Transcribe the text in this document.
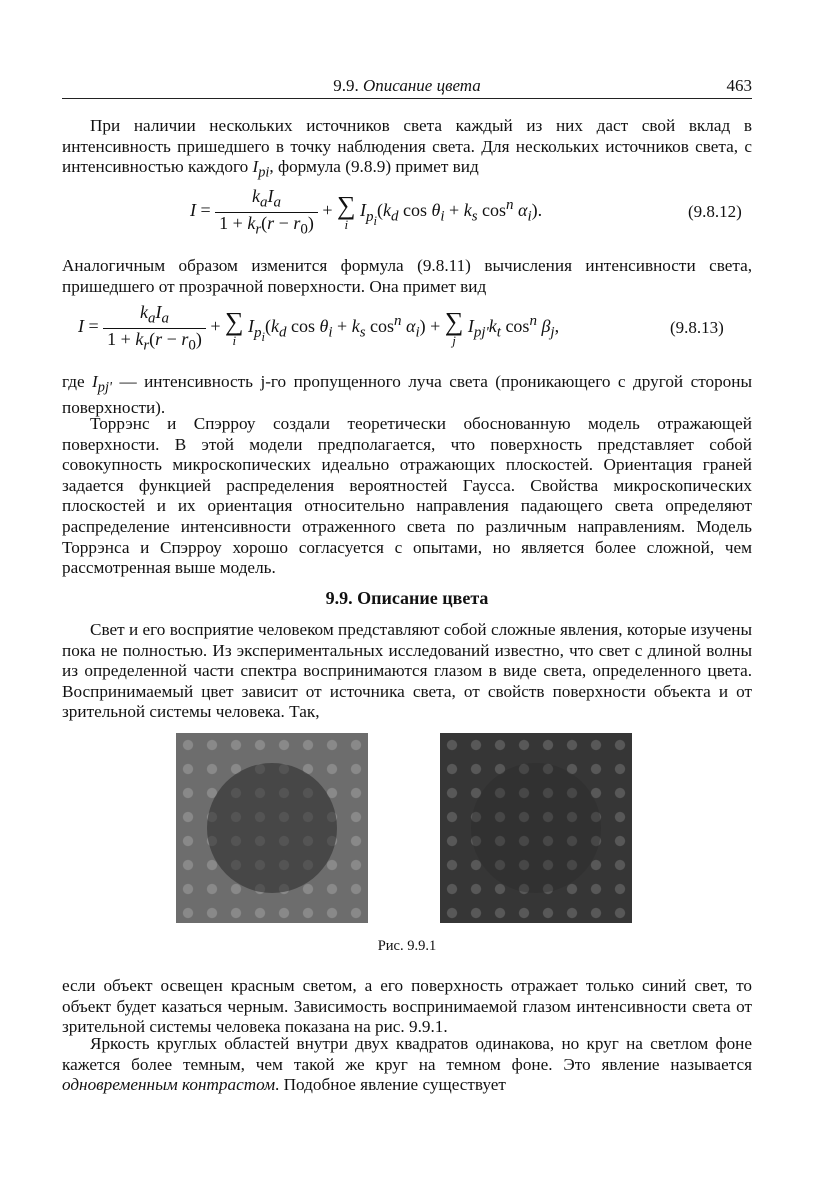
9.9. Описание цвета	463
При наличии нескольких источников света каждый из них даст свой вклад в интенсивность пришедшего в точку наблюдения света. Для нескольких источников света, с интенсивностью каждого $I_{pi}$, формула (9.8.9) примет вид
$I = \frac{k_aI_a}{1 + k_r(r - r_0)}$ + ∑
i
$I_{p_i}(k_d$ $\cos \theta_i + k_s$ $\cos^n \alpha_i$).	(9.8.12)
Аналогичным образом изменится формула (9.8.11) вычисления интенсивности света, пришедшего от прозрачной поверхности. Она примет вид
$I = \frac{k_aI_a}{1 + k_r(r - r_0)}$ + ∑
i
$I_{p_i}(k_d$ $\cos \theta_i + k_s$ $\cos^n \alpha_i$) + ∑
j
$I_{pj'}k_t$ $\cos^n \beta_j$,	(9.8.13)
где $I_{pj'}$ — интенсивность j-го пропущенного луча света (проникающего с другой стороны поверхности).
Торрэнс и Спэрроу создали теоретически обоснованную модель отражающей поверхности. В этой модели предполагается, что поверхность представляет собой совокупность микроскопических идеально отражающих плоскостей. Ориентация граней задается функцией распределения вероятностей Гаусса. Свойства микроскопических плоскостей и их ориентация относительно направления падающего света определяют распределение интенсивности отраженного света по различным направлениям. Модель Торрэнса и Спэрроу хорошо согласуется с опытами, но является более сложной, чем рассмотренная выше модель.
9.9. Описание цвета
Свет и его восприятие человеком представляют собой сложные явления, которые изучены пока не полностью. Из экспериментальных исследований известно, что свет с длиной волны из определенной части спектра воспринимаются глазом в виде света, определенного цвета. Воспринимаемый цвет зависит от источника света, от свойств поверхности объекта и от зрительной системы человека. Так,
Рис. 9.9.1
если объект освещен красным светом, а его поверхность отражает только синий свет, то объект будет казаться черным. Зависимость воспринимаемой глазом интенсивности света от зрительной системы человека показана на рис. 9.9.1.
Яркость круглых областей внутри двух квадратов одинакова, но круг на светлом фоне кажется более темным, чем такой же круг на темном фоне. Это явление называется одновременным контрастом. Подобное явление существует
